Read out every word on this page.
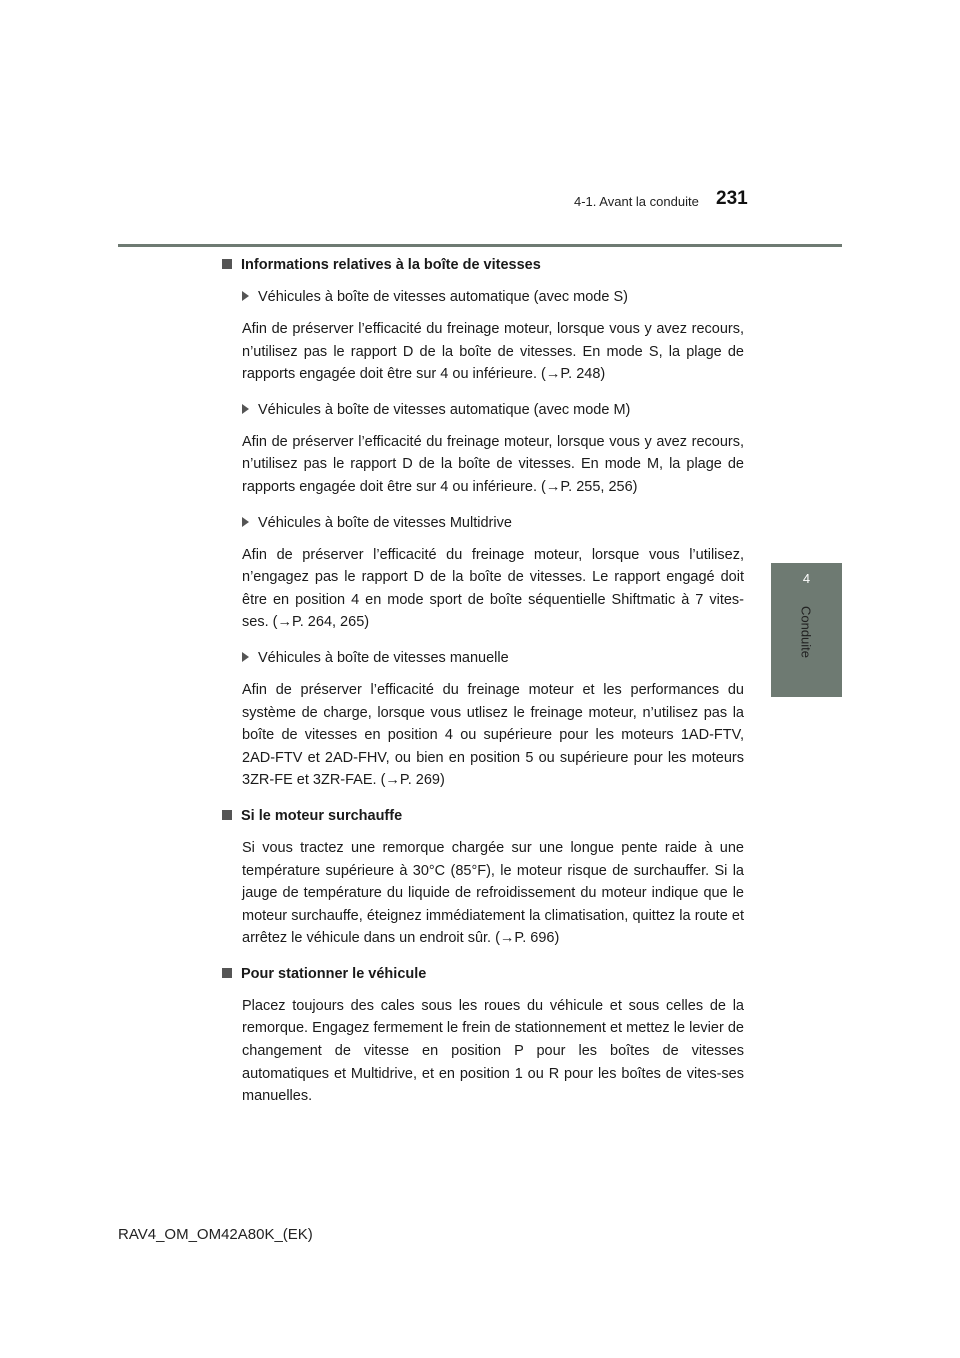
4-1. Avant la conduite 231
4
Conduite
Informations relatives à la boîte de vitesses
Véhicules à boîte de vitesses automatique (avec mode S)
Afin de préserver l’efficacité du freinage moteur, lorsque vous y avez recours, n’utilisez pas le rapport D de la boîte de vitesses. En mode S, la plage de rapports engagée doit être sur 4 ou inférieure. (→P. 248)
Véhicules à boîte de vitesses automatique (avec mode M)
Afin de préserver l’efficacité du freinage moteur, lorsque vous y avez recours, n’utilisez pas le rapport D de la boîte de vitesses. En mode M, la plage de rapports engagée doit être sur 4 ou inférieure. (→P. 255, 256)
Véhicules à boîte de vitesses Multidrive
Afin de préserver l’efficacité du freinage moteur, lorsque vous l’utilisez, n’engagez pas le rapport D de la boîte de vitesses. Le rapport engagé doit être en position 4 en mode sport de boîte séquentielle Shiftmatic à 7 vites-ses. (→P. 264, 265)
Véhicules à boîte de vitesses manuelle
Afin de préserver l’efficacité du freinage moteur et les performances du système de charge, lorsque vous utlisez le freinage moteur, n’utilisez pas la boîte de vitesses en position 4 ou supérieure pour les moteurs 1AD-FTV, 2AD-FTV et 2AD-FHV, ou bien en position 5 ou supérieure pour les moteurs 3ZR-FE et 3ZR-FAE. (→P. 269)
Si le moteur surchauffe
Si vous tractez une remorque chargée sur une longue pente raide à une température supérieure à 30°C (85°F), le moteur risque de surchauffer. Si la jauge de température du liquide de refroidissement du moteur indique que le moteur surchauffe, éteignez immédiatement la climatisation, quittez la route et arrêtez le véhicule dans un endroit sûr. (→P. 696)
Pour stationner le véhicule
Placez toujours des cales sous les roues du véhicule et sous celles de la remorque. Engagez fermement le frein de stationnement et mettez le levier de changement de vitesse en position P pour les boîtes de vitesses automatiques et Multidrive, et en position 1 ou R pour les boîtes de vites-ses manuelles.
RAV4_OM_OM42A80K_(EK)
